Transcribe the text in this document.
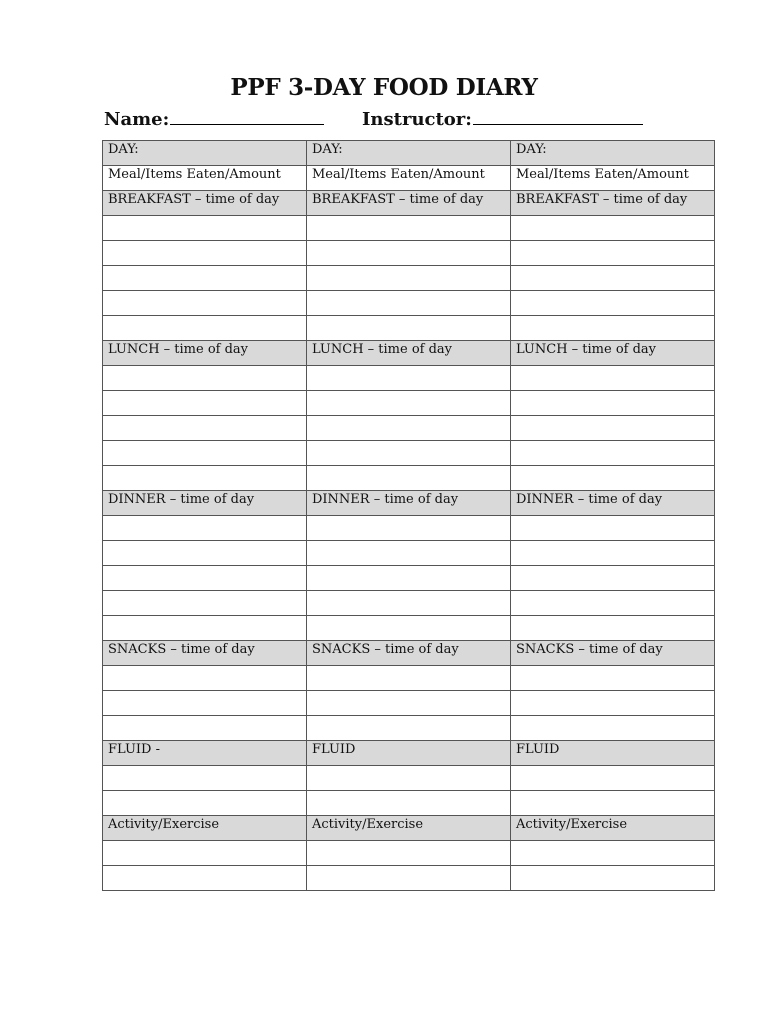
PPF 3-DAY FOOD DIARY
Name:	Instructor:
DAY:	DAY:	DAY:
Meal/Items Eaten/Amount	Meal/Items Eaten/Amount	Meal/Items Eaten/Amount
BREAKFAST – time of day	BREAKFAST – time of day	BREAKFAST – time of day

LUNCH – time of day	LUNCH – time of day	LUNCH – time of day

DINNER – time of day	DINNER – time of day	DINNER – time of day

SNACKS – time of day	SNACKS – time of day	SNACKS – time of day

FLUID -	FLUID	FLUID

Activity/Exercise	Activity/Exercise	Activity/Exercise
